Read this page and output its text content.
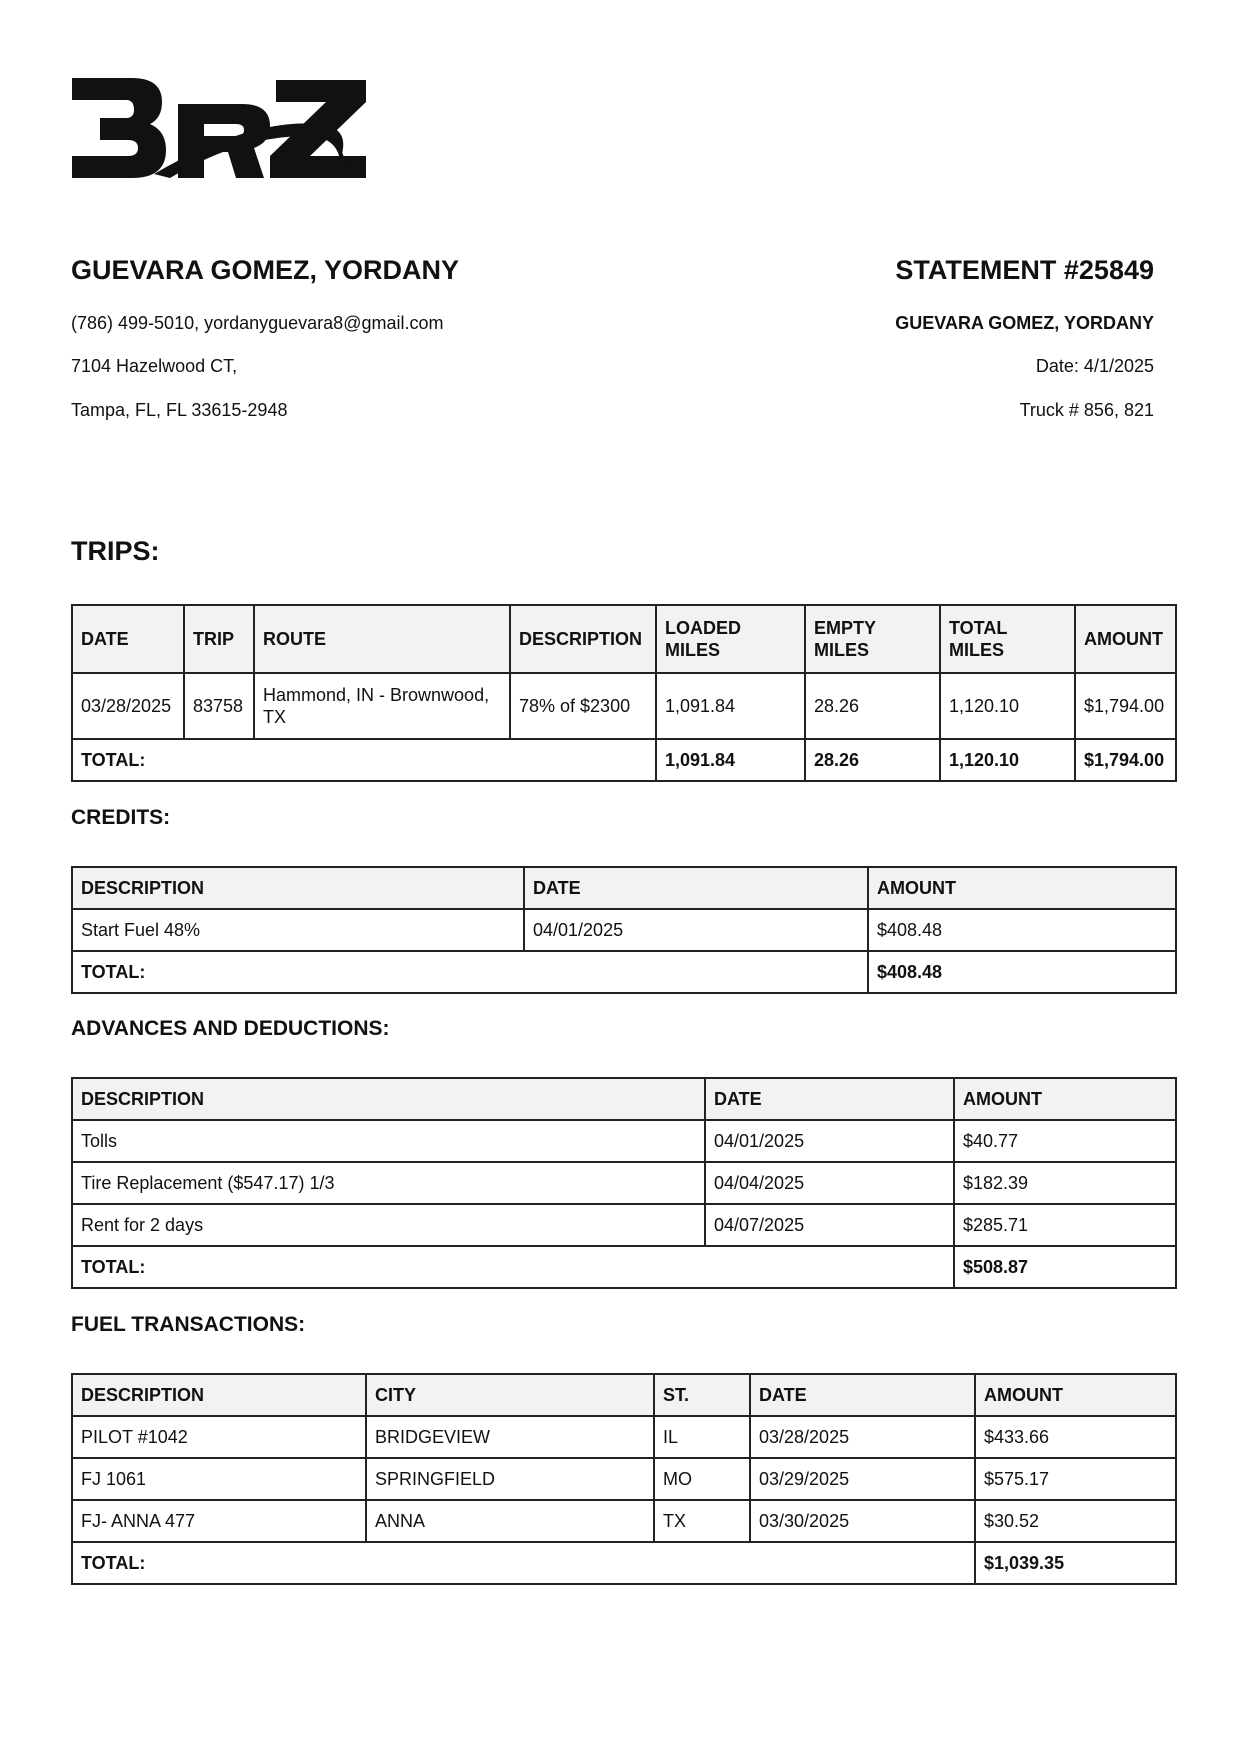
GUEVARA GOMEZ, YORDANY
(786) 499-5010, yordanyguevara8@gmail.com
7104 Hazelwood CT,
Tampa, FL, FL 33615-2948
STATEMENT #25849
GUEVARA GOMEZ, YORDANY
Date: 4/1/2025
Truck # 856, 821
TRIPS:
DATE	TRIP	ROUTE	DESCRIPTION	LOADED MILES	EMPTY MILES	TOTAL MILES	AMOUNT
03/28/2025	83758	Hammond, IN - Brownwood, TX	78% of $2300	1,091.84	28.26	1,120.10	$1,794.00
TOTAL:				1,091.84	28.26	1,120.10	$1,794.00
CREDITS:
DESCRIPTION	DATE	AMOUNT
Start Fuel 48%	04/01/2025	$408.48
TOTAL:		$408.48
ADVANCES AND DEDUCTIONS:
DESCRIPTION	DATE	AMOUNT
Tolls	04/01/2025	$40.77
Tire Replacement ($547.17) 1/3	04/04/2025	$182.39
Rent for 2 days	04/07/2025	$285.71
TOTAL:		$508.87
FUEL TRANSACTIONS:
DESCRIPTION	CITY	ST.	DATE	AMOUNT
PILOT #1042	BRIDGEVIEW	IL	03/28/2025	$433.66
FJ 1061	SPRINGFIELD	MO	03/29/2025	$575.17
FJ- ANNA 477	ANNA	TX	03/30/2025	$30.52
TOTAL:				$1,039.35
